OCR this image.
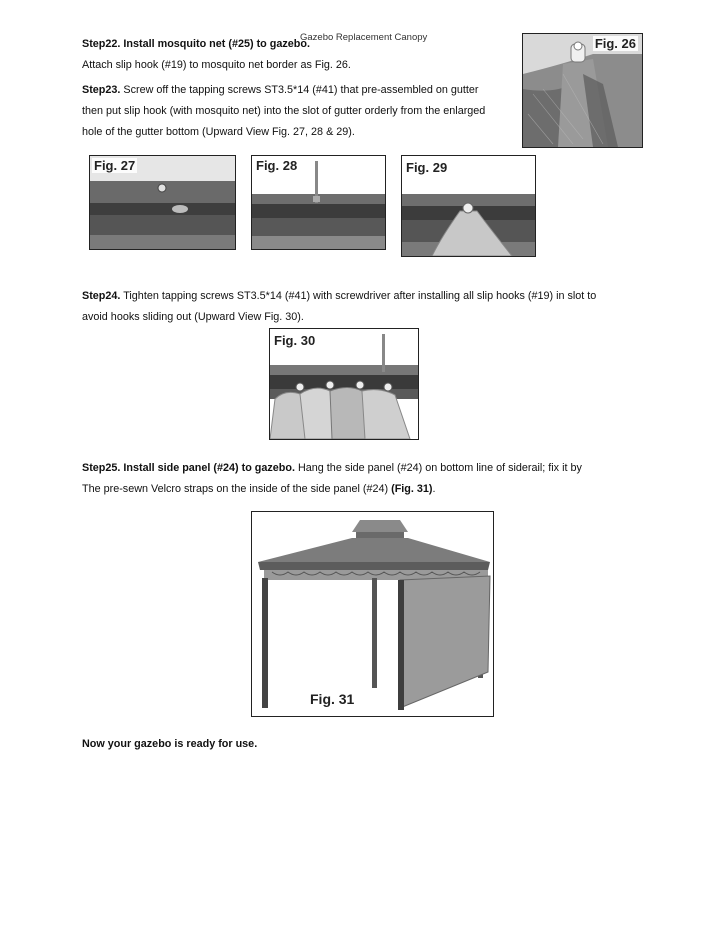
Gazebo Replacement Canopy
Step22. Install mosquito net (#25) to gazebo.
Attach slip hook (#19) to mosquito net border as Fig. 26.
Step23. Screw off the tapping screws ST3.5*14 (#41) that pre-assembled on gutter
then put slip hook (with mosquito net) into the slot of gutter orderly from the enlarged
hole of the gutter bottom (Upward View Fig. 27, 28 & 29).
Fig. 26
Fig. 27	Fig. 28	Fig. 29
Step24. Tighten tapping screws ST3.5*14 (#41) with screwdriver after installing all slip hooks (#19) in slot to
avoid hooks sliding out (Upward View Fig. 30).
Fig. 30
Step25. Install side panel (#24) to gazebo. Hang the side panel (#24) on bottom line of siderail; fix it by
The pre-sewn Velcro straps on the inside of the side panel (#24) (Fig. 31).
Fig. 31
Now your gazebo is ready for use.
